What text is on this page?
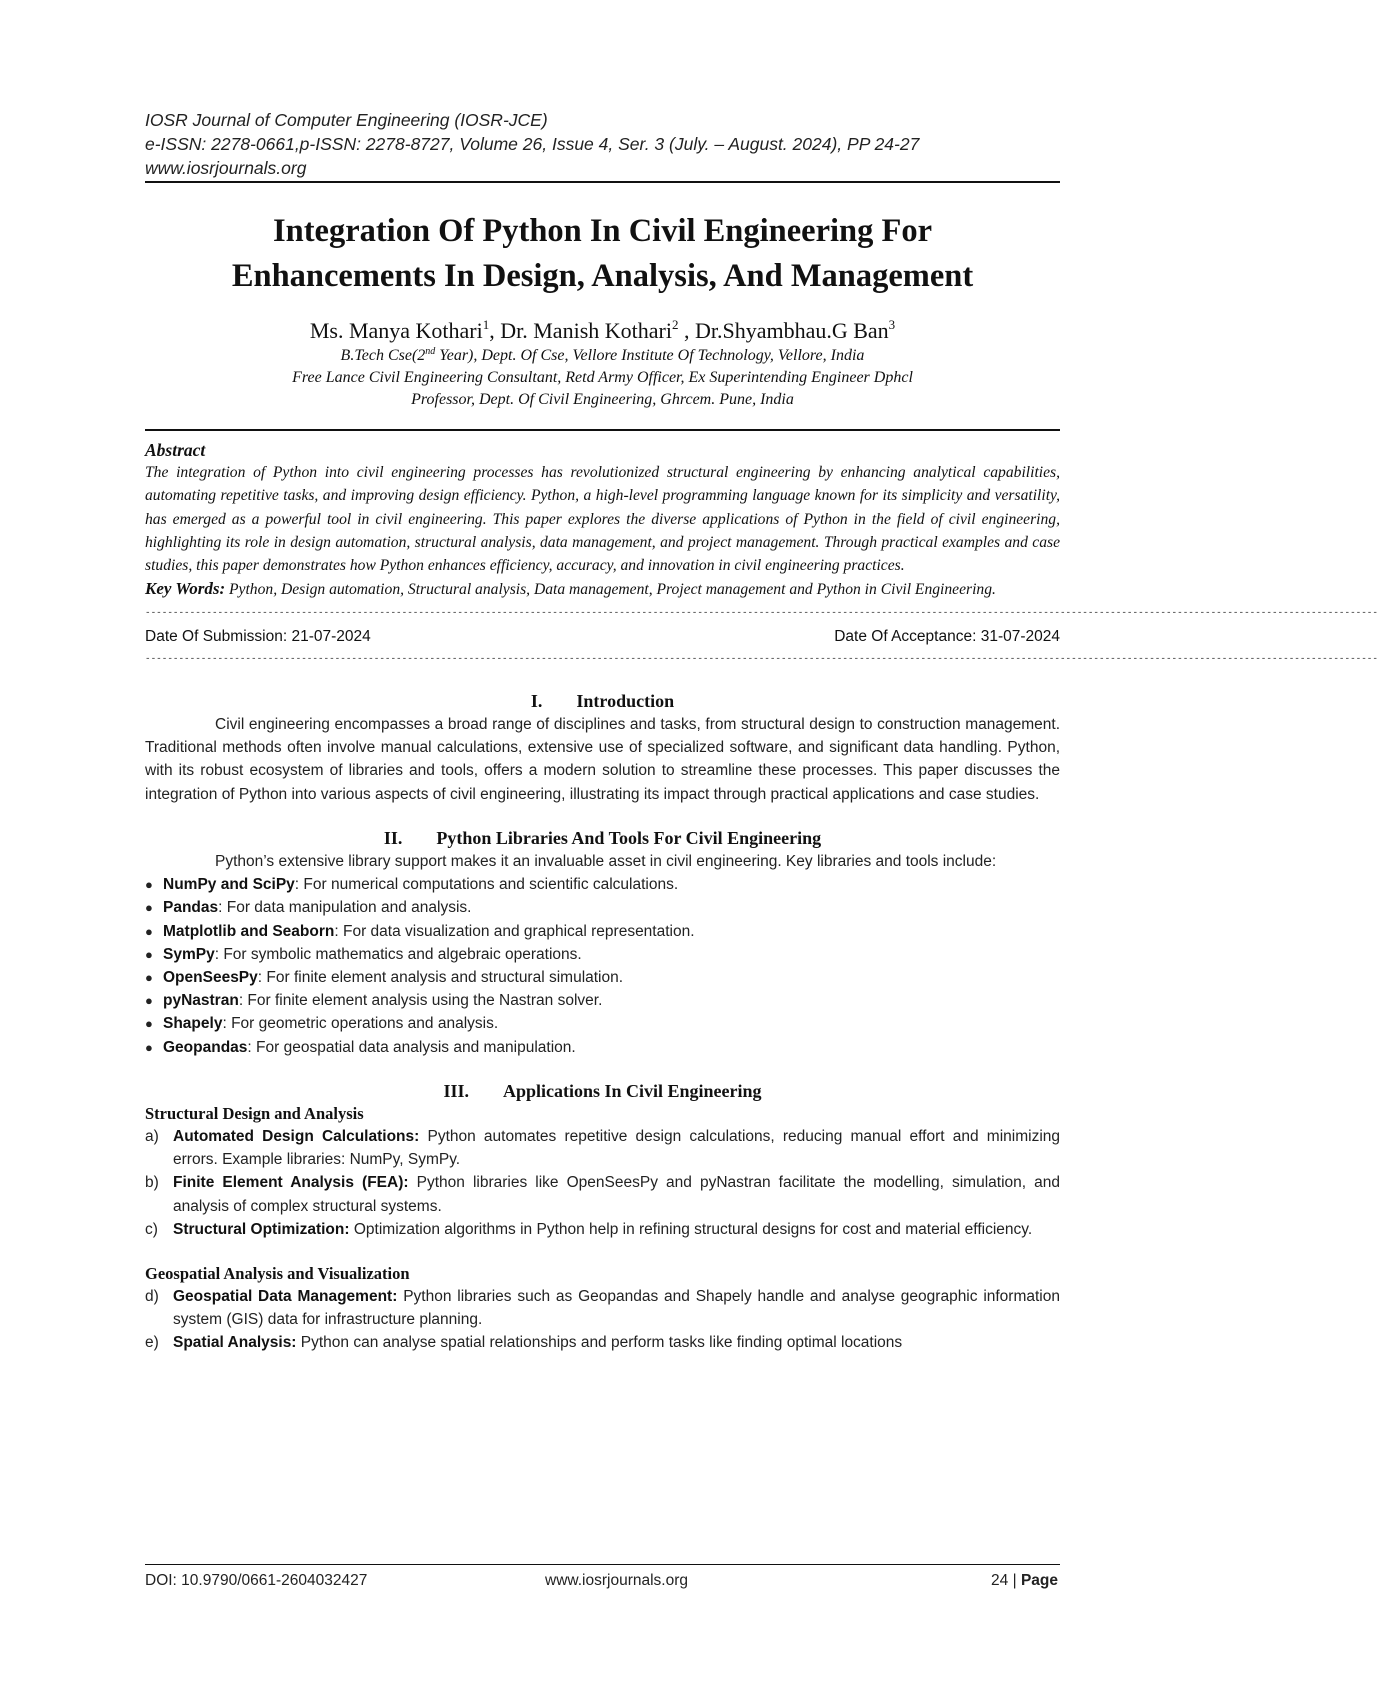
IOSR Journal of Computer Engineering (IOSR-JCE)
e-ISSN: 2278-0661,p-ISSN: 2278-8727, Volume 26, Issue 4, Ser. 3 (July. – August. 2024), PP 24-27
www.iosrjournals.org
Integration Of Python In Civil Engineering For
Enhancements In Design, Analysis, And Management
Ms. Manya Kothari$^1$, Dr. Manish Kothari$^2$ , Dr.Shyambhau.G Ban$^3$
B.Tech Cse(2nd Year), Dept. Of Cse, Vellore Institute Of Technology, Vellore, India
Free Lance Civil Engineering Consultant, Retd Army Officer, Ex Superintending Engineer Dphcl
Professor, Dept. Of Civil Engineering, Ghrcem. Pune, India
Abstract

The integration of Python into civil engineering processes has revolutionized structural engineering by enhancing analytical capabilities, automating repetitive tasks, and improving design efficiency. Python, a high-level programming language known for its simplicity and versatility, has emerged as a powerful tool in civil engineering. This paper explores the diverse applications of Python in the field of civil engineering, highlighting its role in design automation, structural analysis, data management, and project management. Through practical examples and case studies, this paper demonstrates how Python enhances efficiency, accuracy, and innovation in civil engineering practices.

Key Words: Python, Design automation, Structural analysis, Data management, Project management and Python in Civil Engineering.

-----------------------------------------------------------------------------------------------------------------------------------------------------------------------------------------------------------------------------
Date Of Submission: 21-07-2024	Date Of Acceptance: 31-07-2024
-----------------------------------------------------------------------------------------------------------------------------------------------------------------------------------------------------------------------------
I. Introduction

Civil engineering encompasses a broad range of disciplines and tasks, from structural design to construction management. Traditional methods often involve manual calculations, extensive use of specialized software, and significant data handling. Python, with its robust ecosystem of libraries and tools, offers a modern solution to streamline these processes. This paper discusses the integration of Python into various aspects of civil engineering, illustrating its impact through practical applications and case studies.

II. Python Libraries And Tools For Civil Engineering

Python’s extensive library support makes it an invaluable asset in civil engineering. Key libraries and tools include:

● NumPy and SciPy: For numerical computations and scientific calculations.
● Pandas: For data manipulation and analysis.
● Matplotlib and Seaborn: For data visualization and graphical representation.
● SymPy: For symbolic mathematics and algebraic operations.
● OpenSeesPy: For finite element analysis and structural simulation.
● pyNastran: For finite element analysis using the Nastran solver.
● Shapely: For geometric operations and analysis.
● Geopandas: For geospatial data analysis and manipulation.
III. Applications In Civil Engineering
Structural Design and Analysis
a) Automated Design Calculations: Python automates repetitive design calculations, reducing manual effort and minimizing errors. Example libraries: NumPy, SymPy.
b) Finite Element Analysis (FEA): Python libraries like OpenSeesPy and pyNastran facilitate the modelling, simulation, and analysis of complex structural systems.
c) Structural Optimization: Optimization algorithms in Python help in refining structural designs for cost and material efficiency.
Geospatial Analysis and Visualization
d) Geospatial Data Management: Python libraries such as Geopandas and Shapely handle and analyse geographic information system (GIS) data for infrastructure planning.
e) Spatial Analysis: Python can analyse spatial relationships and perform tasks like finding optimal locations
DOI: 10.9790/0661-2604032427	www.iosrjournals.org	24 | Page
